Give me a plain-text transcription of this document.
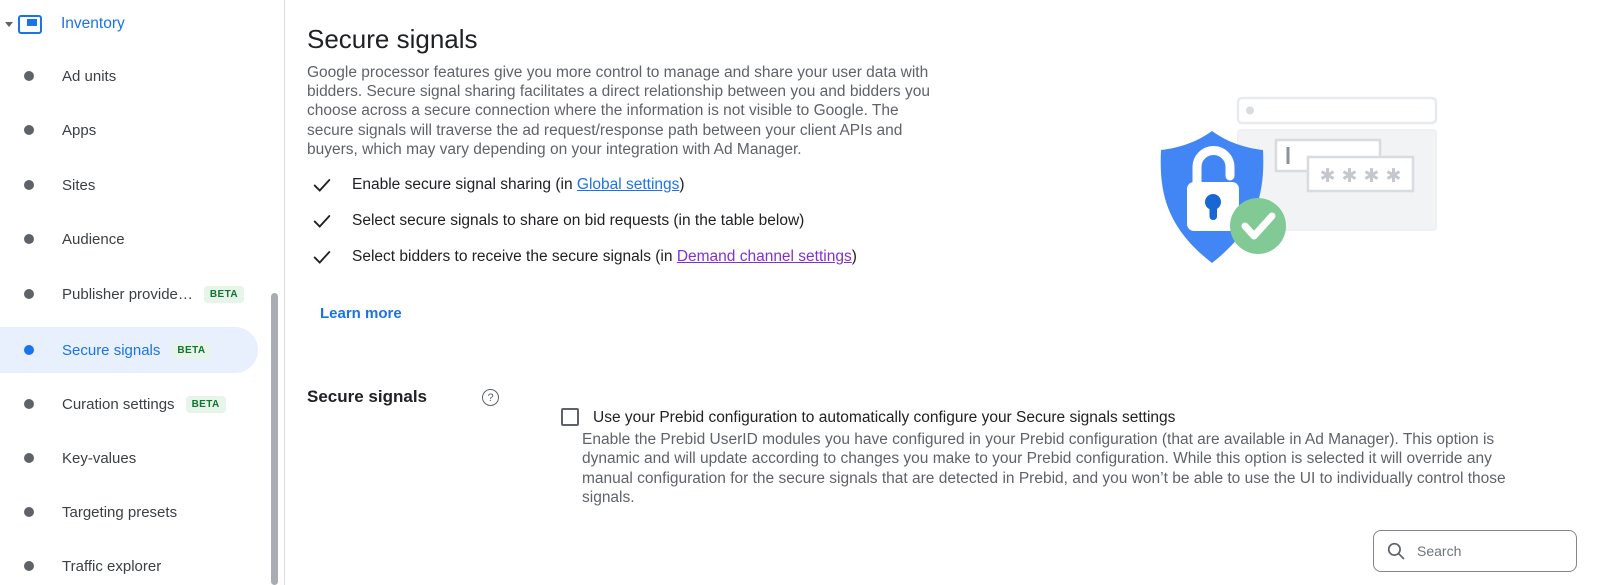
Inventory
Ad units
Apps
Sites
Audience
Publisher provide…	BETA
Secure signals	BETA
Curation settings	BETA
Key-values
Targeting presets
Traffic explorer
Secure signals

Google processor features give you more control to manage and share your user data with bidders. Secure signal sharing facilitates a direct relationship between you and bidders you choose across a secure connection where the information is not visible to Google. The secure signals will traverse the ad request/response path between your client APIs and buyers, which may vary depending on your integration with Ad Manager.

Enable secure signal sharing (in Global settings)
Select secure signals to share on bid requests (in the table below)
Select bidders to receive the secure signals (in Demand channel settings)
Learn more
Secure signals	?
Use your Prebid configuration to automatically configure your Secure signals settings

Enable the Prebid UserID modules you have configured in your Prebid configuration (that are available in Ad Manager). This option is dynamic and will update according to changes you make to your Prebid configuration. While this option is selected it will override any manual configuration for the secure signals that are detected in Prebid, and you won’t be able to use the UI to individually control those signals.

Search
✱ ✱ ✱ ✱
